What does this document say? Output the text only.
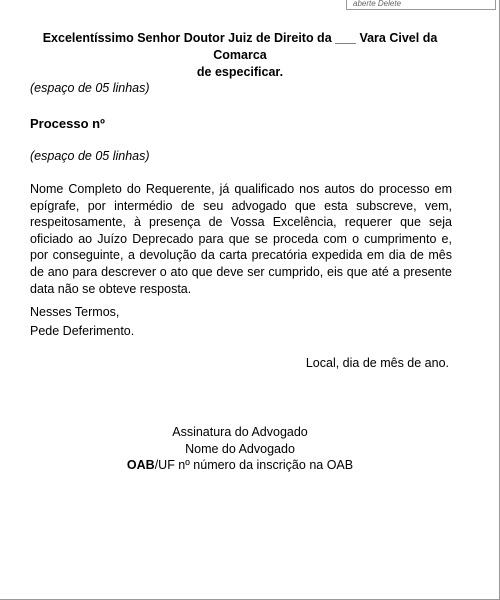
aberte Delete
Excelentíssimo Senhor Doutor Juiz de Direito da ___ Vara Civel da Comarca
de especificar.
(espaço de 05 linhas)
Processo nº
(espaço de 05 linhas)

Nome Completo do Requerente, já qualificado nos autos do processo em epígrafe, por intermédio de seu advogado que esta subscreve, vem, respeitosamente, à presença de Vossa Excelência, requerer que seja oficiado ao Juízo Deprecado para que se proceda com o cumprimento e, por conseguinte, a devolução da carta precatória expedida em dia de mês de ano para descrever o ato que deve ser cumprido, eis que até a presente data não se obteve resposta.

Nesses Termos,
Pede Deferimento.
Local, dia de mês de ano.
Assinatura do Advogado
Nome do Advogado
OAB/UF nº número da inscrição na OAB
